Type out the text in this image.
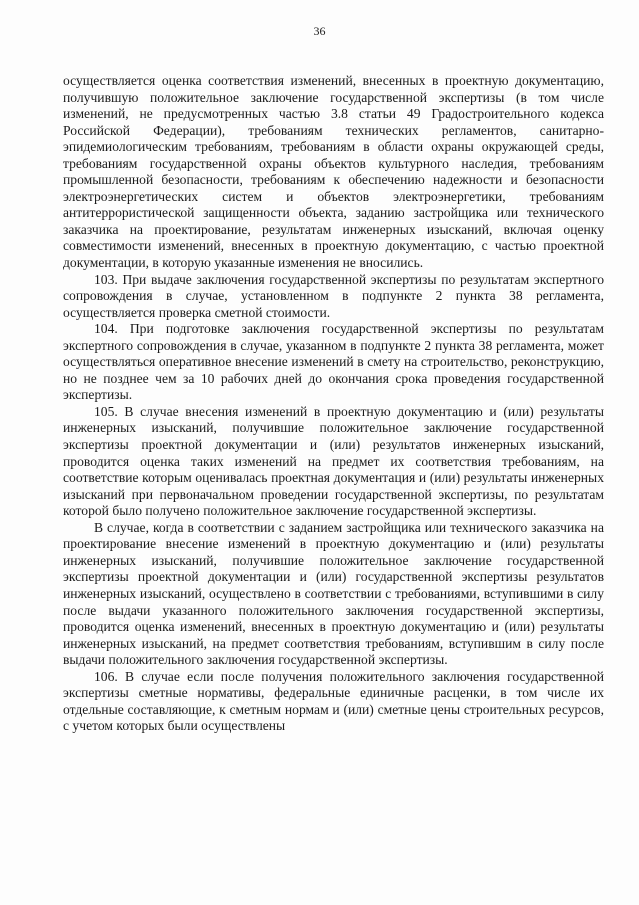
36

осуществляется оценка соответствия изменений, внесенных в проектную документацию, получившую положительное заключение государственной экспертизы (в том числе изменений, не предусмотренных частью 3.8 статьи 49 Градостроительного кодекса Российской Федерации), требованиям технических регламентов, санитарно-эпидемиологическим требованиям, требованиям в области охраны окружающей среды, требованиям государственной охраны объектов культурного наследия, требованиям промышленной безопасности, требованиям к обеспечению надежности и безопасности электроэнергетических систем и объектов электроэнергетики, требованиям антитеррористической защищенности объекта, заданию застройщика или технического заказчика на проектирование, результатам инженерных изысканий, включая оценку совместимости изменений, внесенных в проектную документацию, с частью проектной документации, в которую указанные изменения не вносились.

103. При выдаче заключения государственной экспертизы по результатам экспертного сопровождения в случае, установленном в подпункте 2 пункта 38 регламента, осуществляется проверка сметной стоимости.

104. При подготовке заключения государственной экспертизы по результатам экспертного сопровождения в случае, указанном в подпункте 2 пункта 38 регламента, может осуществляться оперативное внесение изменений в смету на строительство, реконструкцию, но не позднее чем за 10 рабочих дней до окончания срока проведения государственной экспертизы.

105. В случае внесения изменений в проектную документацию и (или) результаты инженерных изысканий, получившие положительное заключение государственной экспертизы проектной документации и (или) результатов инженерных изысканий, проводится оценка таких изменений на предмет их соответствия требованиям, на соответствие которым оценивалась проектная документация и (или) результаты инженерных изысканий при первоначальном проведении государственной экспертизы, по результатам которой было получено положительное заключение государственной экспертизы.

В случае, когда в соответствии с заданием застройщика или технического заказчика на проектирование внесение изменений в проектную документацию и (или) результаты инженерных изысканий, получившие положительное заключение государственной экспертизы проектной документации и (или) государственной экспертизы результатов инженерных изысканий, осуществлено в соответствии с требованиями, вступившими в силу после выдачи указанного положительного заключения государственной экспертизы, проводится оценка изменений, внесенных в проектную документацию и (или) результаты инженерных изысканий, на предмет соответствия требованиям, вступившим в силу после выдачи положительного заключения государственной экспертизы.

106. В случае если после получения положительного заключения государственной экспертизы сметные нормативы, федеральные единичные расценки, в том числе их отдельные составляющие, к сметным нормам и (или) сметные цены строительных ресурсов, с учетом которых были осуществлены
